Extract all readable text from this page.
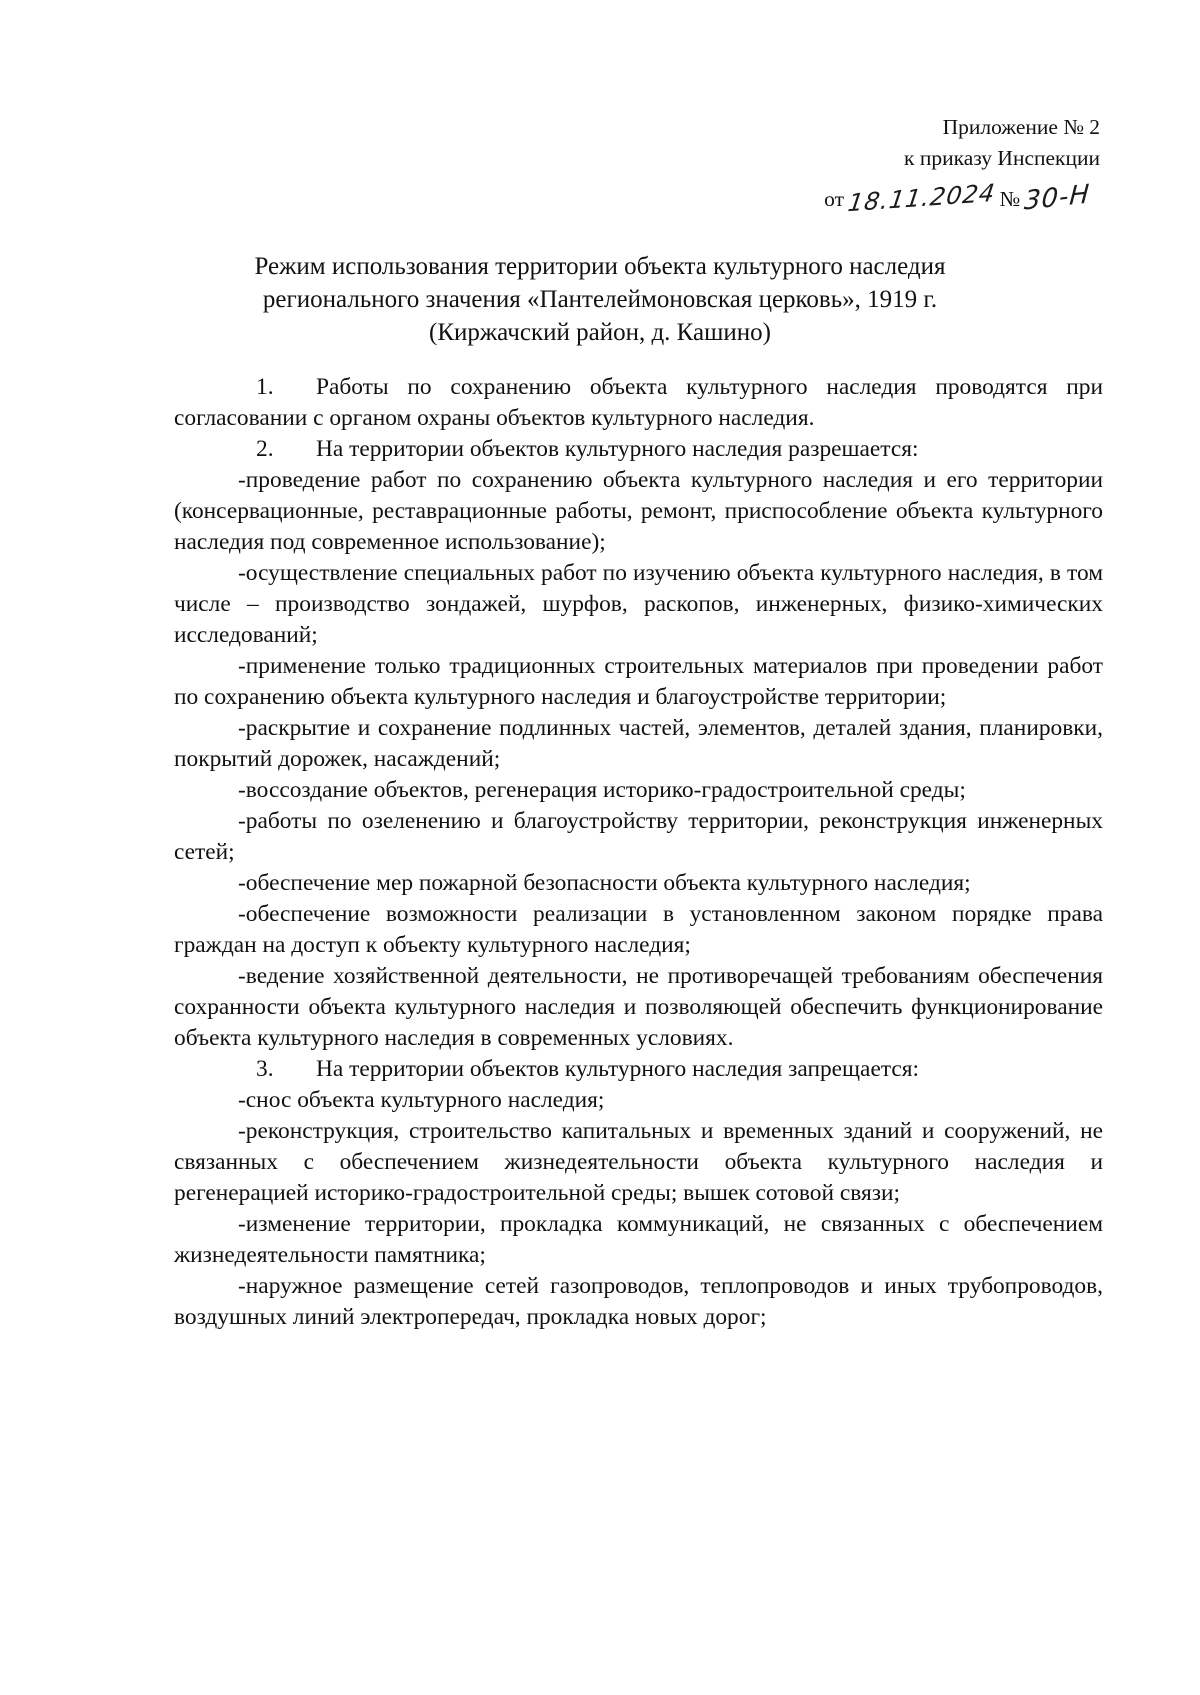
Приложение № 2
к приказу Инспекции
от 18.11.2024 № 30-Н
Режим использования территории объекта культурного наследия
регионального значения «Пантелеймоновская церковь», 1919 г.
(Киржачский район, д. Кашино)

1. Работы по сохранению объекта культурного наследия проводятся при согласовании с органом охраны объектов культурного наследия.

2. На территории объектов культурного наследия разрешается:

-проведение работ по сохранению объекта культурного наследия и его территории (консервационные, реставрационные работы, ремонт, приспособление объекта культурного наследия под современное использование);

-осуществление специальных работ по изучению объекта культурного наследия, в том числе – производство зондажей, шурфов, раскопов, инженерных, физико-химических исследований;

-применение только традиционных строительных материалов при проведении работ по сохранению объекта культурного наследия и благоустройстве территории;

-раскрытие и сохранение подлинных частей, элементов, деталей здания, планировки, покрытий дорожек, насаждений;

-воссоздание объектов, регенерация историко-градостроительной среды;

-работы по озеленению и благоустройству территории, реконструкция инженерных сетей;

-обеспечение мер пожарной безопасности объекта культурного наследия;

-обеспечение возможности реализации в установленном законом порядке права граждан на доступ к объекту культурного наследия;

-ведение хозяйственной деятельности, не противоречащей требованиям обеспечения сохранности объекта культурного наследия и позволяющей обеспечить функционирование объекта культурного наследия в современных условиях.

3. На территории объектов культурного наследия запрещается:

-снос объекта культурного наследия;

-реконструкция, строительство капитальных и временных зданий и сооружений, не связанных с обеспечением жизнедеятельности объекта культурного наследия и регенерацией историко-градостроительной среды; вышек сотовой связи;

-изменение территории, прокладка коммуникаций, не связанных с обеспечением жизнедеятельности памятника;

-наружное размещение сетей газопроводов, теплопроводов и иных трубопроводов, воздушных линий электропередач, прокладка новых дорог;
